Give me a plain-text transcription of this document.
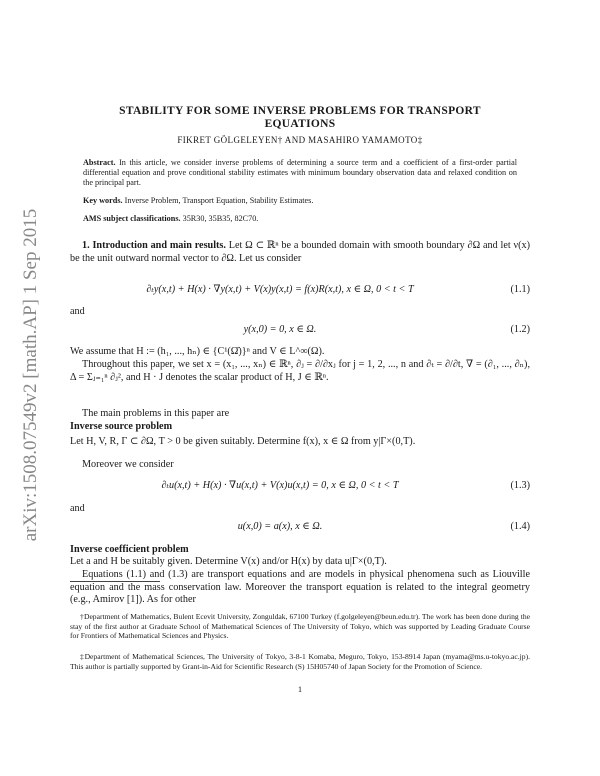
arXiv:1508.07549v2 [math.AP] 1 Sep 2015
STABILITY FOR SOME INVERSE PROBLEMS FOR TRANSPORT
EQUATIONS
FIKRET GÖLGELEYEN† AND MASAHIRO YAMAMOTO‡
Abstract. In this article, we consider inverse problems of determining a source term and a coefficient of a first-order partial differential equation and prove conditional stability estimates with minimum boundary observation data and relaxed condition on the principal part.
Key words. Inverse Problem, Transport Equation, Stability Estimates.
AMS subject classifications. 35R30, 35B35, 82C70.
1. Introduction and main results. Let Ω ⊂ ℝⁿ be a bounded domain with smooth boundary ∂Ω and let ν(x) be the unit outward normal vector to ∂Ω. Let us consider
∂ₜy(x,t) + H(x) · ∇y(x,t) + V(x)y(x,t) = f(x)R(x,t), x ∈ Ω, 0 < t < T	(1.1)
and
y(x,0) = 0, x ∈ Ω.	(1.2)
We assume that H := (h₁, ..., hₙ) ∈ {C¹(Ω̄)}ⁿ and V ∈ L^∞(Ω).
Throughout this paper, we set x = (x₁, ..., xₙ) ∈ ℝⁿ, ∂ⱼ = ∂/∂xⱼ for j = 1, 2, ..., n and ∂ₜ = ∂/∂t, ∇ = (∂₁, ..., ∂ₙ), Δ = Σⱼ₌₁ⁿ ∂ⱼ², and H · J denotes the scalar product of H, J ∈ ℝⁿ.
The main problems in this paper are
Inverse source problem
Let H, V, R, Γ ⊂ ∂Ω, T > 0 be given suitably. Determine f(x), x ∈ Ω from y|Γ×(0,T).
Moreover we consider
∂ₜu(x,t) + H(x) · ∇u(x,t) + V(x)u(x,t) = 0, x ∈ Ω, 0 < t < T	(1.3)
and
u(x,0) = a(x), x ∈ Ω.	(1.4)
Inverse coefficient problem
Let a and H be suitably given. Determine V(x) and/or H(x) by data u|Γ×(0,T).
Equations (1.1) and (1.3) are transport equations and are models in physical phenomena such as Liouville equation and the mass conservation law. Moreover the transport equation is related to the integral geometry (e.g., Amirov [1]). As for other
†Department of Mathematics, Bulent Ecevit University, Zonguldak, 67100 Turkey (f.golgeleyen@beun.edu.tr). The work has been done during the stay of the first author at Graduate School of Mathematical Sciences of The University of Tokyo, which was supported by Leading Graduate Course for Frontiers of Mathematical Sciences and Physics.
‡Department of Mathematical Sciences, The University of Tokyo, 3-8-1 Komaba, Meguro, Tokyo, 153-8914 Japan (myama@ms.u-tokyo.ac.jp). This author is partially supported by Grant-in-Aid for Scientific Research (S) 15H05740 of Japan Society for the Promotion of Science.
1
